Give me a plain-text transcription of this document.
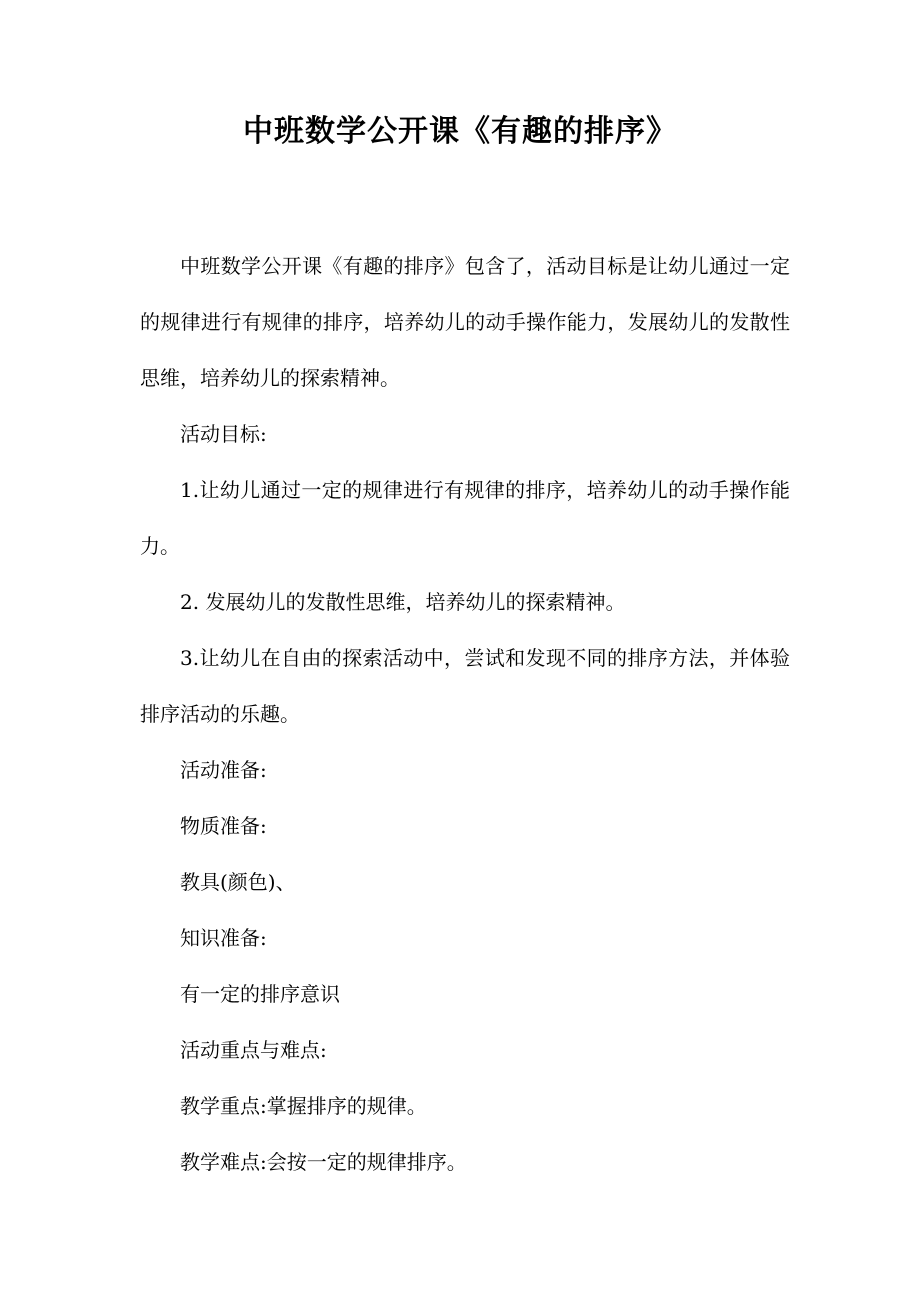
中班数学公开课《有趣的排序》

中班数学公开课《有趣的排序》包含了，活动目标是让幼儿通过一定的规律进行有规律的排序，培养幼儿的动手操作能力，发展幼儿的发散性思维，培养幼儿的探索精神。

活动目标:

1.让幼儿通过一定的规律进行有规律的排序，培养幼儿的动手操作能力。

2. 发展幼儿的发散性思维，培养幼儿的探索精神。

3.让幼儿在自由的探索活动中，尝试和发现不同的排序方法，并体验排序活动的乐趣。

活动准备:

物质准备:

教具(颜色)、

知识准备:

有一定的排序意识

活动重点与难点:

教学重点:掌握排序的规律。

教学难点:会按一定的规律排序。
